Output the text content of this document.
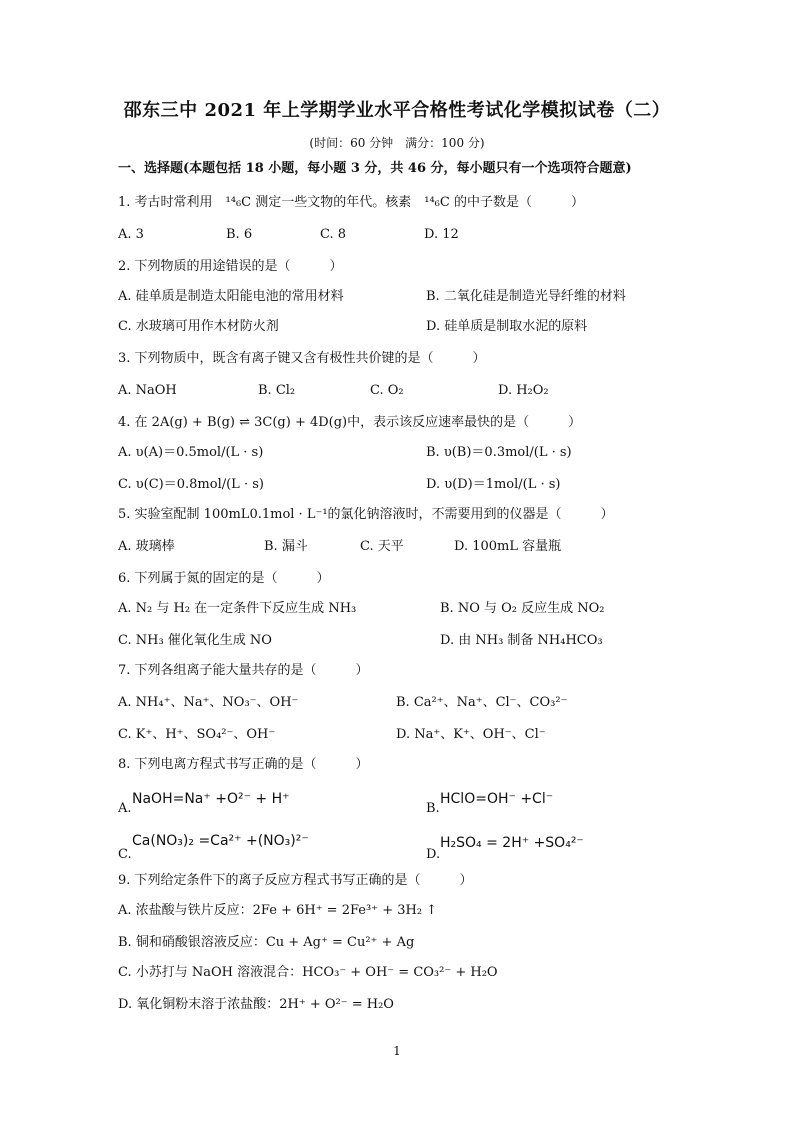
邵东三中 2021 年上学期学业水平合格性考试化学模拟试卷（二）
(时间：60 分钟　满分：100 分)
一、选择题(本题包括 18 小题，每小题 3 分，共 46 分，每小题只有一个选项符合题意)
1. 考古时常利用　¹⁴₆C 测定一些文物的年代。核素　¹⁴₆C 的中子数是（　　　）
A. 3	B. 6	C. 8	D. 12
2. 下列物质的用途错误的是（　　　）
A. 硅单质是制造太阳能电池的常用材料	B. 二氧化硅是制造光导纤维的材料
C. 水玻璃可用作木材防火剂	D. 硅单质是制取水泥的原料
3. 下列物质中，既含有离子键又含有极性共价键的是（　　　）
A. NaOH	B. Cl₂	C. O₂	D. H₂O₂
4. 在 2A(g) + B(g) ⇌ 3C(g) + 4D(g)中，表示该反应速率最快的是（　　　）
A. υ(A)＝0.5mol/(L · s)	B. υ(B)＝0.3mol/(L · s)
C. υ(C)＝0.8mol/(L · s)	D. υ(D)＝1mol/(L · s)
5. 实验室配制 100mL0.1mol · L⁻¹的氯化钠溶液时，不需要用到的仪器是（　　　）
A. 玻璃棒	B. 漏斗	C. 天平	D. 100mL 容量瓶
6. 下列属于氮的固定的是（　　　）
A. N₂ 与 H₂ 在一定条件下反应生成 NH₃	B. NO 与 O₂ 反应生成 NO₂
C. NH₃ 催化氧化生成 NO	D. 由 NH₃ 制备 NH₄HCO₃
7. 下列各组离子能大量共存的是（　　　）
A. NH₄⁺、Na⁺、NO₃⁻、OH⁻	B. Ca²⁺、Na⁺、Cl⁻、CO₃²⁻
C. K⁺、H⁺、SO₄²⁻、OH⁻	D. Na⁺、K⁺、OH⁻、Cl⁻
8. 下列电离方程式书写正确的是（　　　）
A.
NaOH=Na⁺ +O²⁻ + H⁺
B.
HClO=OH⁻ +Cl⁻
C.
Ca(NO₃)₂ =Ca²⁺ +(NO₃)²⁻
D.
H₂SO₄ = 2H⁺ +SO₄²⁻
9. 下列给定条件下的离子反应方程式书写正确的是（　　　）
A. 浓盐酸与铁片反应：2Fe + 6H⁺ = 2Fe³⁺ + 3H₂ ↑
B. 铜和硝酸银溶液反应：Cu + Ag⁺ = Cu²⁺ + Ag
C. 小苏打与 NaOH 溶液混合：HCO₃⁻ + OH⁻ = CO₃²⁻ + H₂O
D. 氧化铜粉末溶于浓盐酸：2H⁺ + O²⁻ = H₂O
1
